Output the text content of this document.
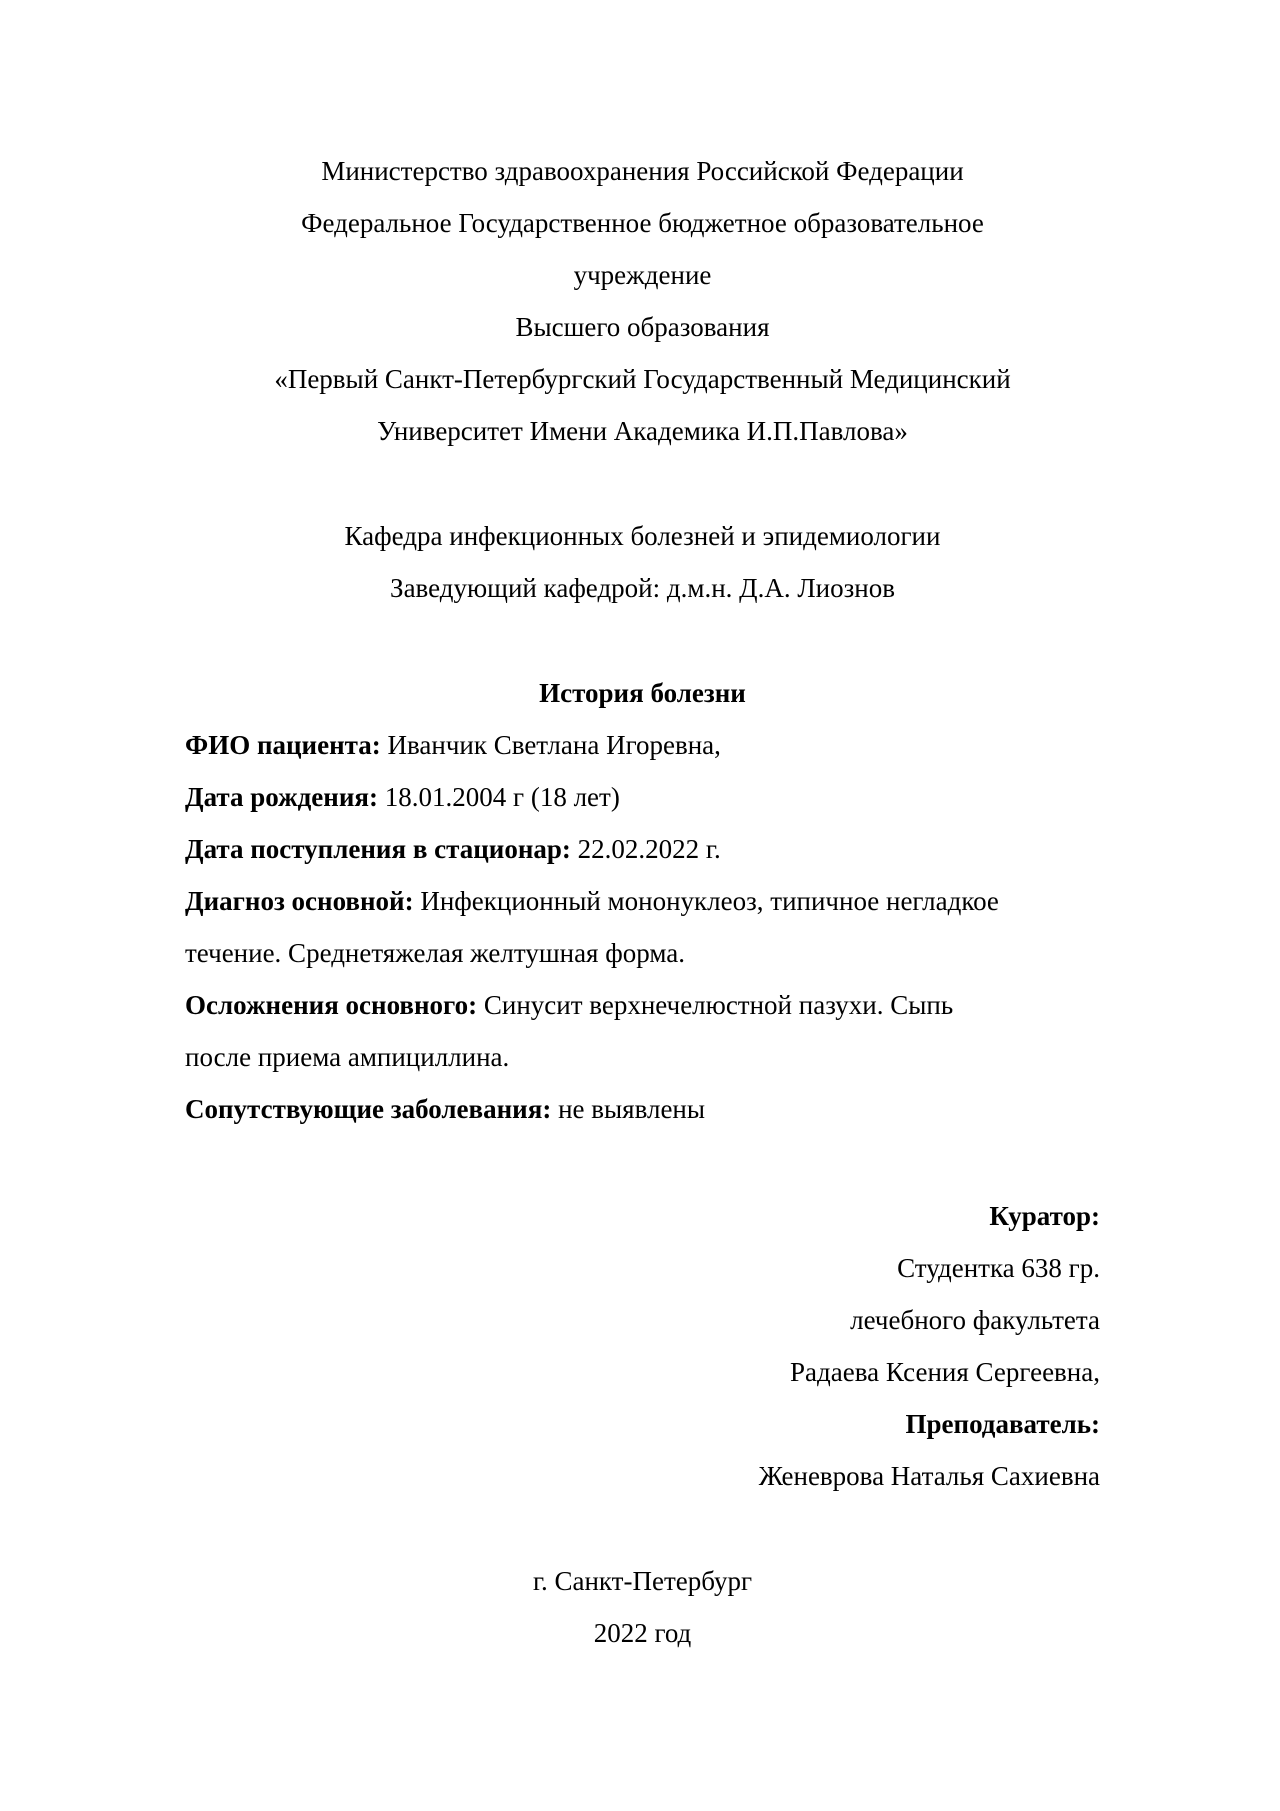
Министерство здравоохранения Российской Федерации
Федеральное Государственное бюджетное образовательное
учреждение
Высшего образования
«Первый Санкт-Петербургский Государственный Медицинский
Университет Имени Академика И.П.Павлова»
Кафедра инфекционных болезней и эпидемиологии
Заведующий кафедрой: д.м.н. Д.А. Лиознов
История болезни
ФИО пациента: Иванчик Светлана Игоревна,
Дата рождения: 18.01.2004 г (18 лет)
Дата поступления в стационар: 22.02.2022 г.
Диагноз основной: Инфекционный мононуклеоз, типичное негладкое
течение. Среднетяжелая желтушная форма.
Осложнения основного: Синусит верхнечелюстной пазухи. Сыпь
после приема ампициллина.
Сопутствующие заболевания: не выявлены
Куратор:
Студентка 638 гр.
лечебного факультета
Радаева Ксения Сергеевна,
Преподаватель:
Женеврова Наталья Сахиевна
г. Санкт-Петербург
2022 год
